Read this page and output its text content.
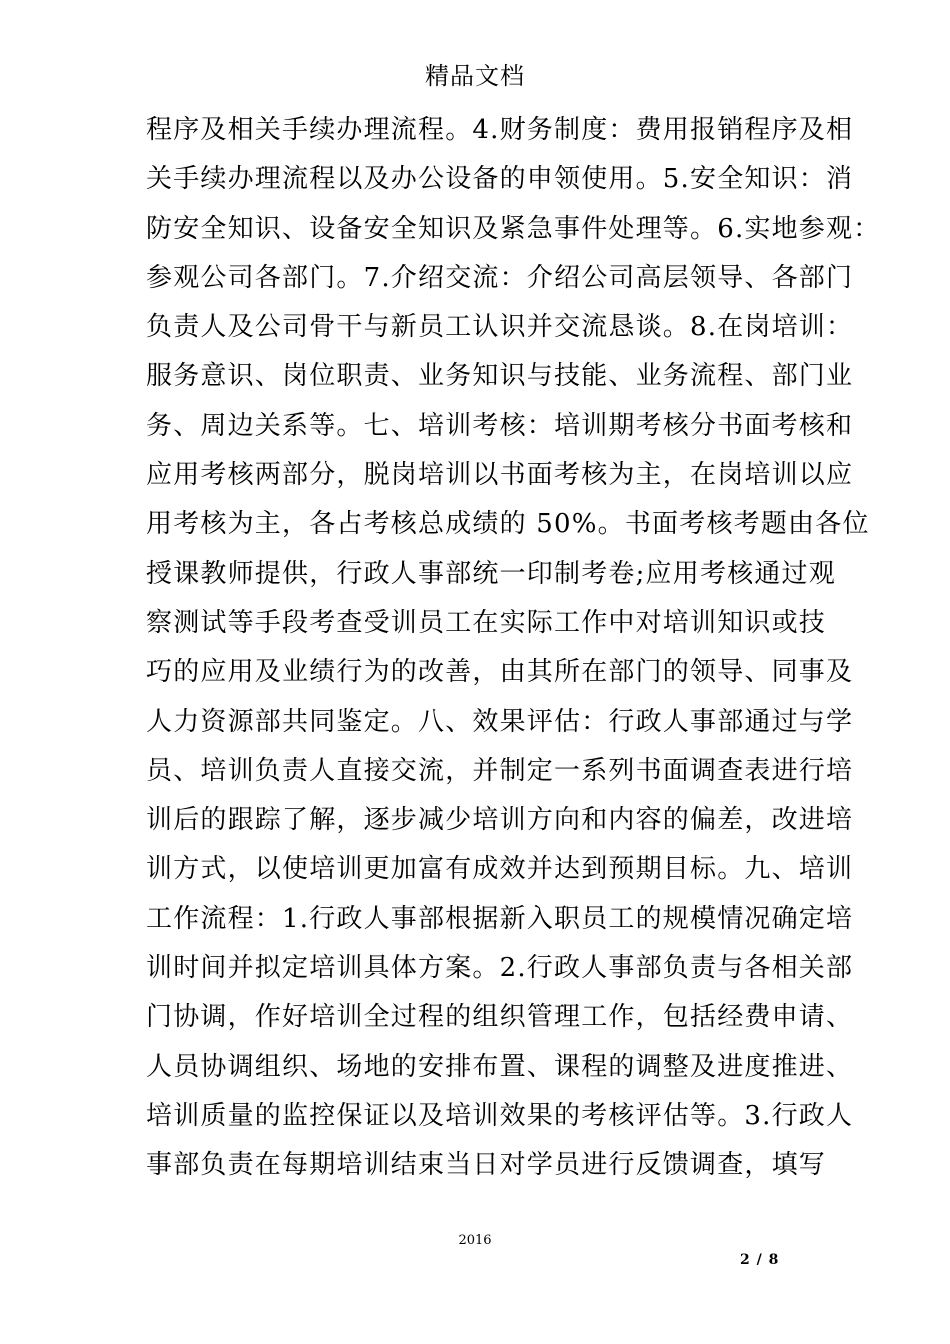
精品文档
程序及相关手续办理流程。4.财务制度：费用报销程序及相
关手续办理流程以及办公设备的申领使用。5.安全知识：消
防安全知识、设备安全知识及紧急事件处理等。6.实地参观：
参观公司各部门。7.介绍交流：介绍公司高层领导、各部门
负责人及公司骨干与新员工认识并交流恳谈。8.在岗培训：
服务意识、岗位职责、业务知识与技能、业务流程、部门业
务、周边关系等。七、培训考核：培训期考核分书面考核和
应用考核两部分，脱岗培训以书面考核为主，在岗培训以应
用考核为主，各占考核总成绩的 50%。书面考核考题由各位
授课教师提供，行政人事部统一印制考卷;应用考核通过观
察测试等手段考查受训员工在实际工作中对培训知识或技
巧的应用及业绩行为的改善，由其所在部门的领导、同事及
人力资源部共同鉴定。八、效果评估：行政人事部通过与学
员、培训负责人直接交流，并制定一系列书面调查表进行培
训后的跟踪了解，逐步减少培训方向和内容的偏差，改进培
训方式，以使培训更加富有成效并达到预期目标。九、培训
工作流程：1.行政人事部根据新入职员工的规模情况确定培
训时间并拟定培训具体方案。2.行政人事部负责与各相关部
门协调，作好培训全过程的组织管理工作，包括经费申请、
人员协调组织、场地的安排布置、课程的调整及进度推进、
培训质量的监控保证以及培训效果的考核评估等。3.行政人
事部负责在每期培训结束当日对学员进行反馈调查，填写
2016
2 / 8
